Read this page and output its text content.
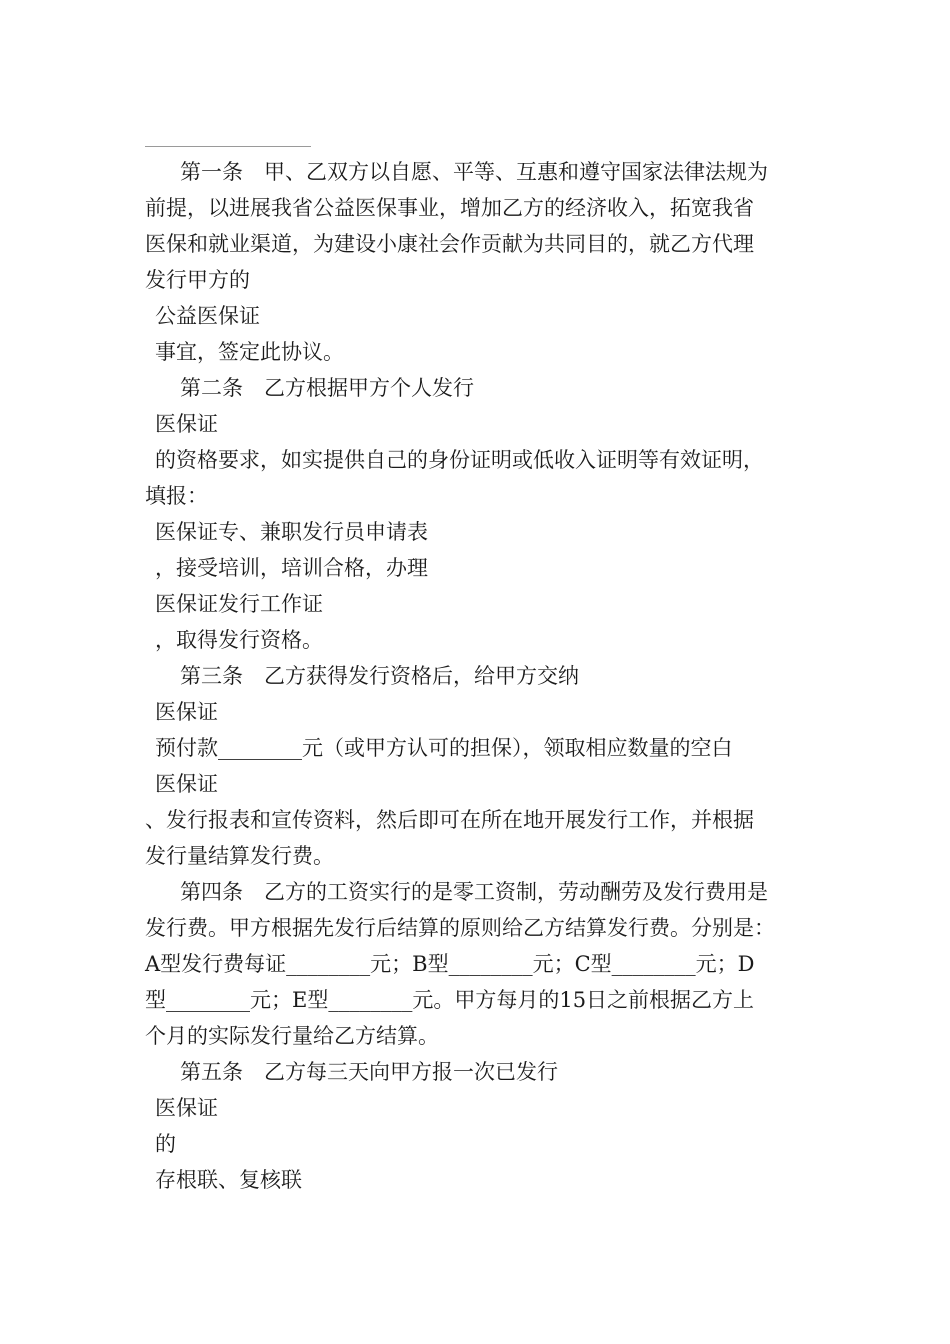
第一条　甲、乙双方以自愿、平等、互惠和遵守国家法律法规为
前提，以进展我省公益医保事业，增加乙方的经济收入，拓宽我省
医保和就业渠道，为建设小康社会作贡献为共同目的，就乙方代理
发行甲方的
公益医保证
事宜，签定此协议。
第二条　乙方根据甲方个人发行
医保证
的资格要求，如实提供自己的身份证明或低收入证明等有效证明，
填报：
医保证专、兼职发行员申请表
，接受培训，培训合格，办理
医保证发行工作证
，取得发行资格。
第三条　乙方获得发行资格后，给甲方交纳
医保证
预付款________元（或甲方认可的担保），领取相应数量的空白
医保证
、发行报表和宣传资料，然后即可在所在地开展发行工作，并根据
发行量结算发行费。
第四条　乙方的工资实行的是零工资制，劳动酬劳及发行费用是
发行费。甲方根据先发行后结算的原则给乙方结算发行费。分别是：
A型发行费每证________元；B型________元；C型________元；D
型________元；E型________元。甲方每月的15日之前根据乙方上
个月的实际发行量给乙方结算。
第五条　乙方每三天向甲方报一次已发行
医保证
的
存根联、复核联
